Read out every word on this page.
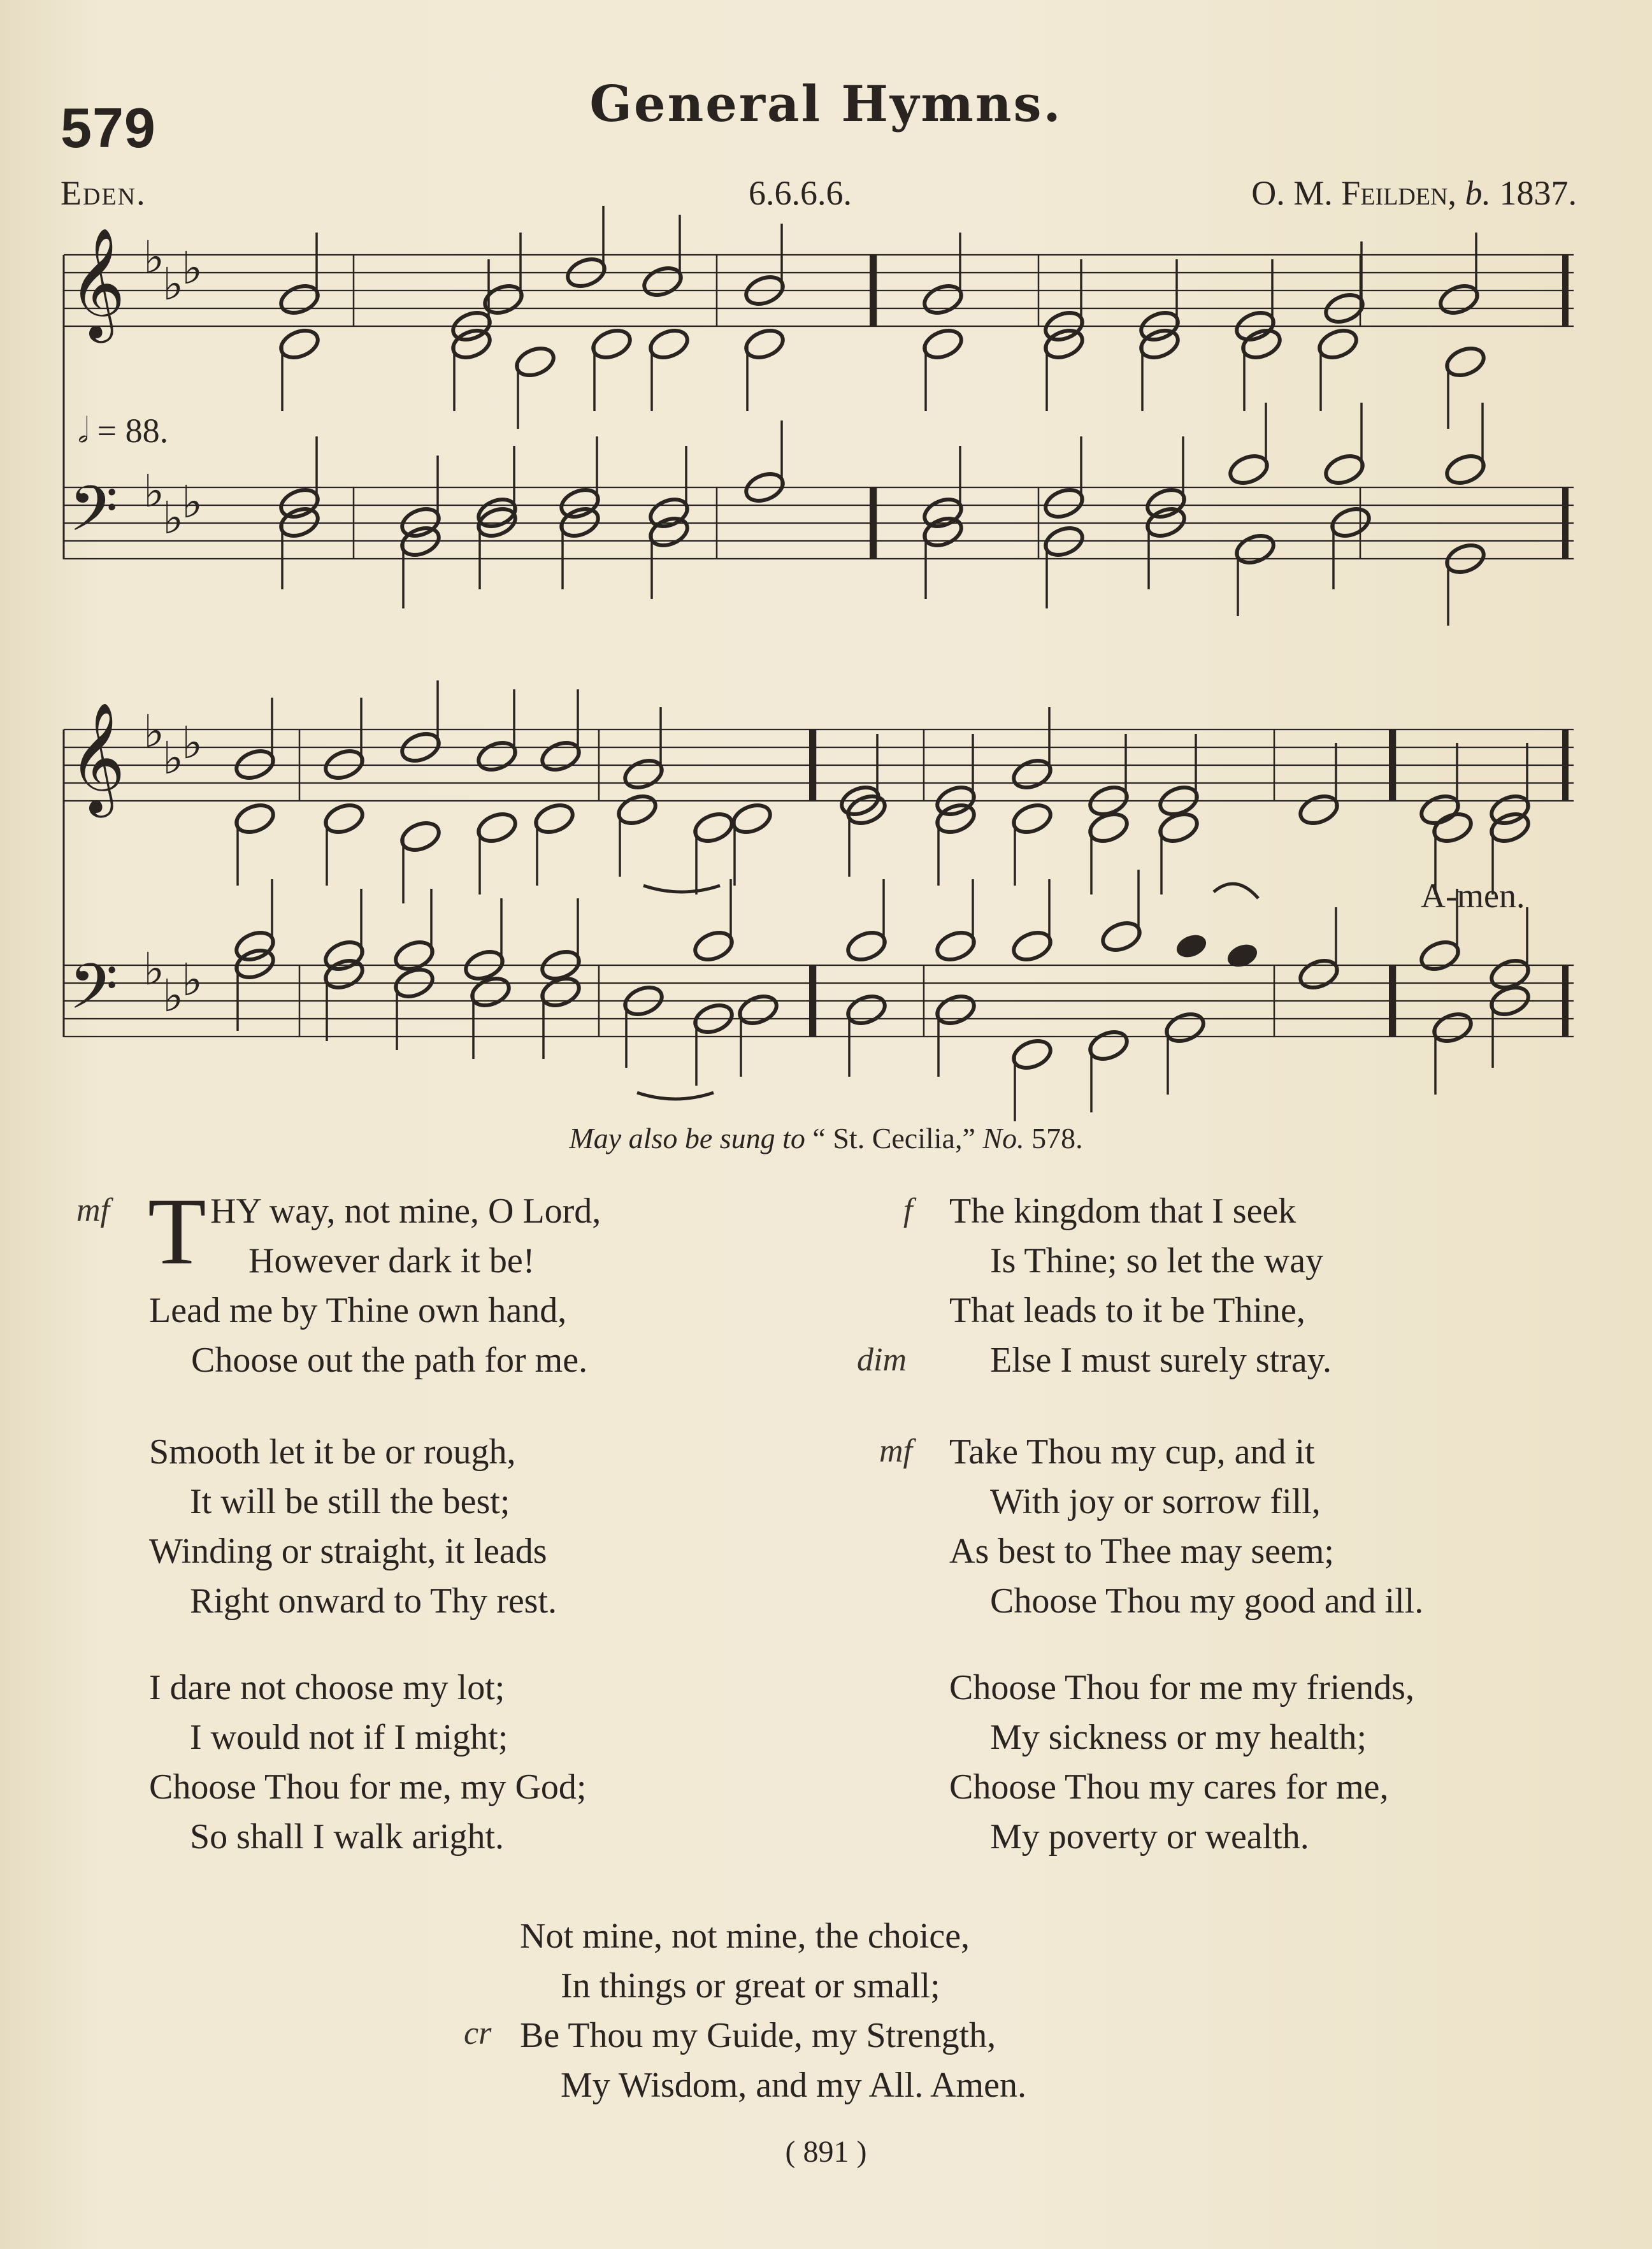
579	General Hymns.
Eden.	6.6.6.6.	O. M. Feilden, b. 1837.
𝄞
𝄞
𝄢
𝄢
♭
♭
♭
♭
♭
♭
♭
♭
♭
♭
♭
♭
𝅗𝅥 = 88.
A-men.
May also be sung to “ St. Cecilia,” No. 578.
mf T HY way, not mine, O Lord,
However dark it be!
Lead me by Thine own hand,
Choose out the path for me.
Smooth let it be or rough,
It will be still the best;
Winding or straight, it leads
Right onward to Thy rest.
I dare not choose my lot;
I would not if I might;
Choose Thou for me, my God;
So shall I walk aright.
f
dim
The kingdom that I seek
Is Thine; so let the way
That leads to it be Thine,
Else I must surely stray.
mf Take Thou my cup, and it
With joy or sorrow fill,
As best to Thee may seem;
Choose Thou my good and ill.
Choose Thou for me my friends,
My sickness or my health;
Choose Thou my cares for me,
My poverty or wealth.
cr
Not mine, not mine, the choice,
In things or great or small;
Be Thou my Guide, my Strength,
My Wisdom, and my All. Amen.
( 891 )
